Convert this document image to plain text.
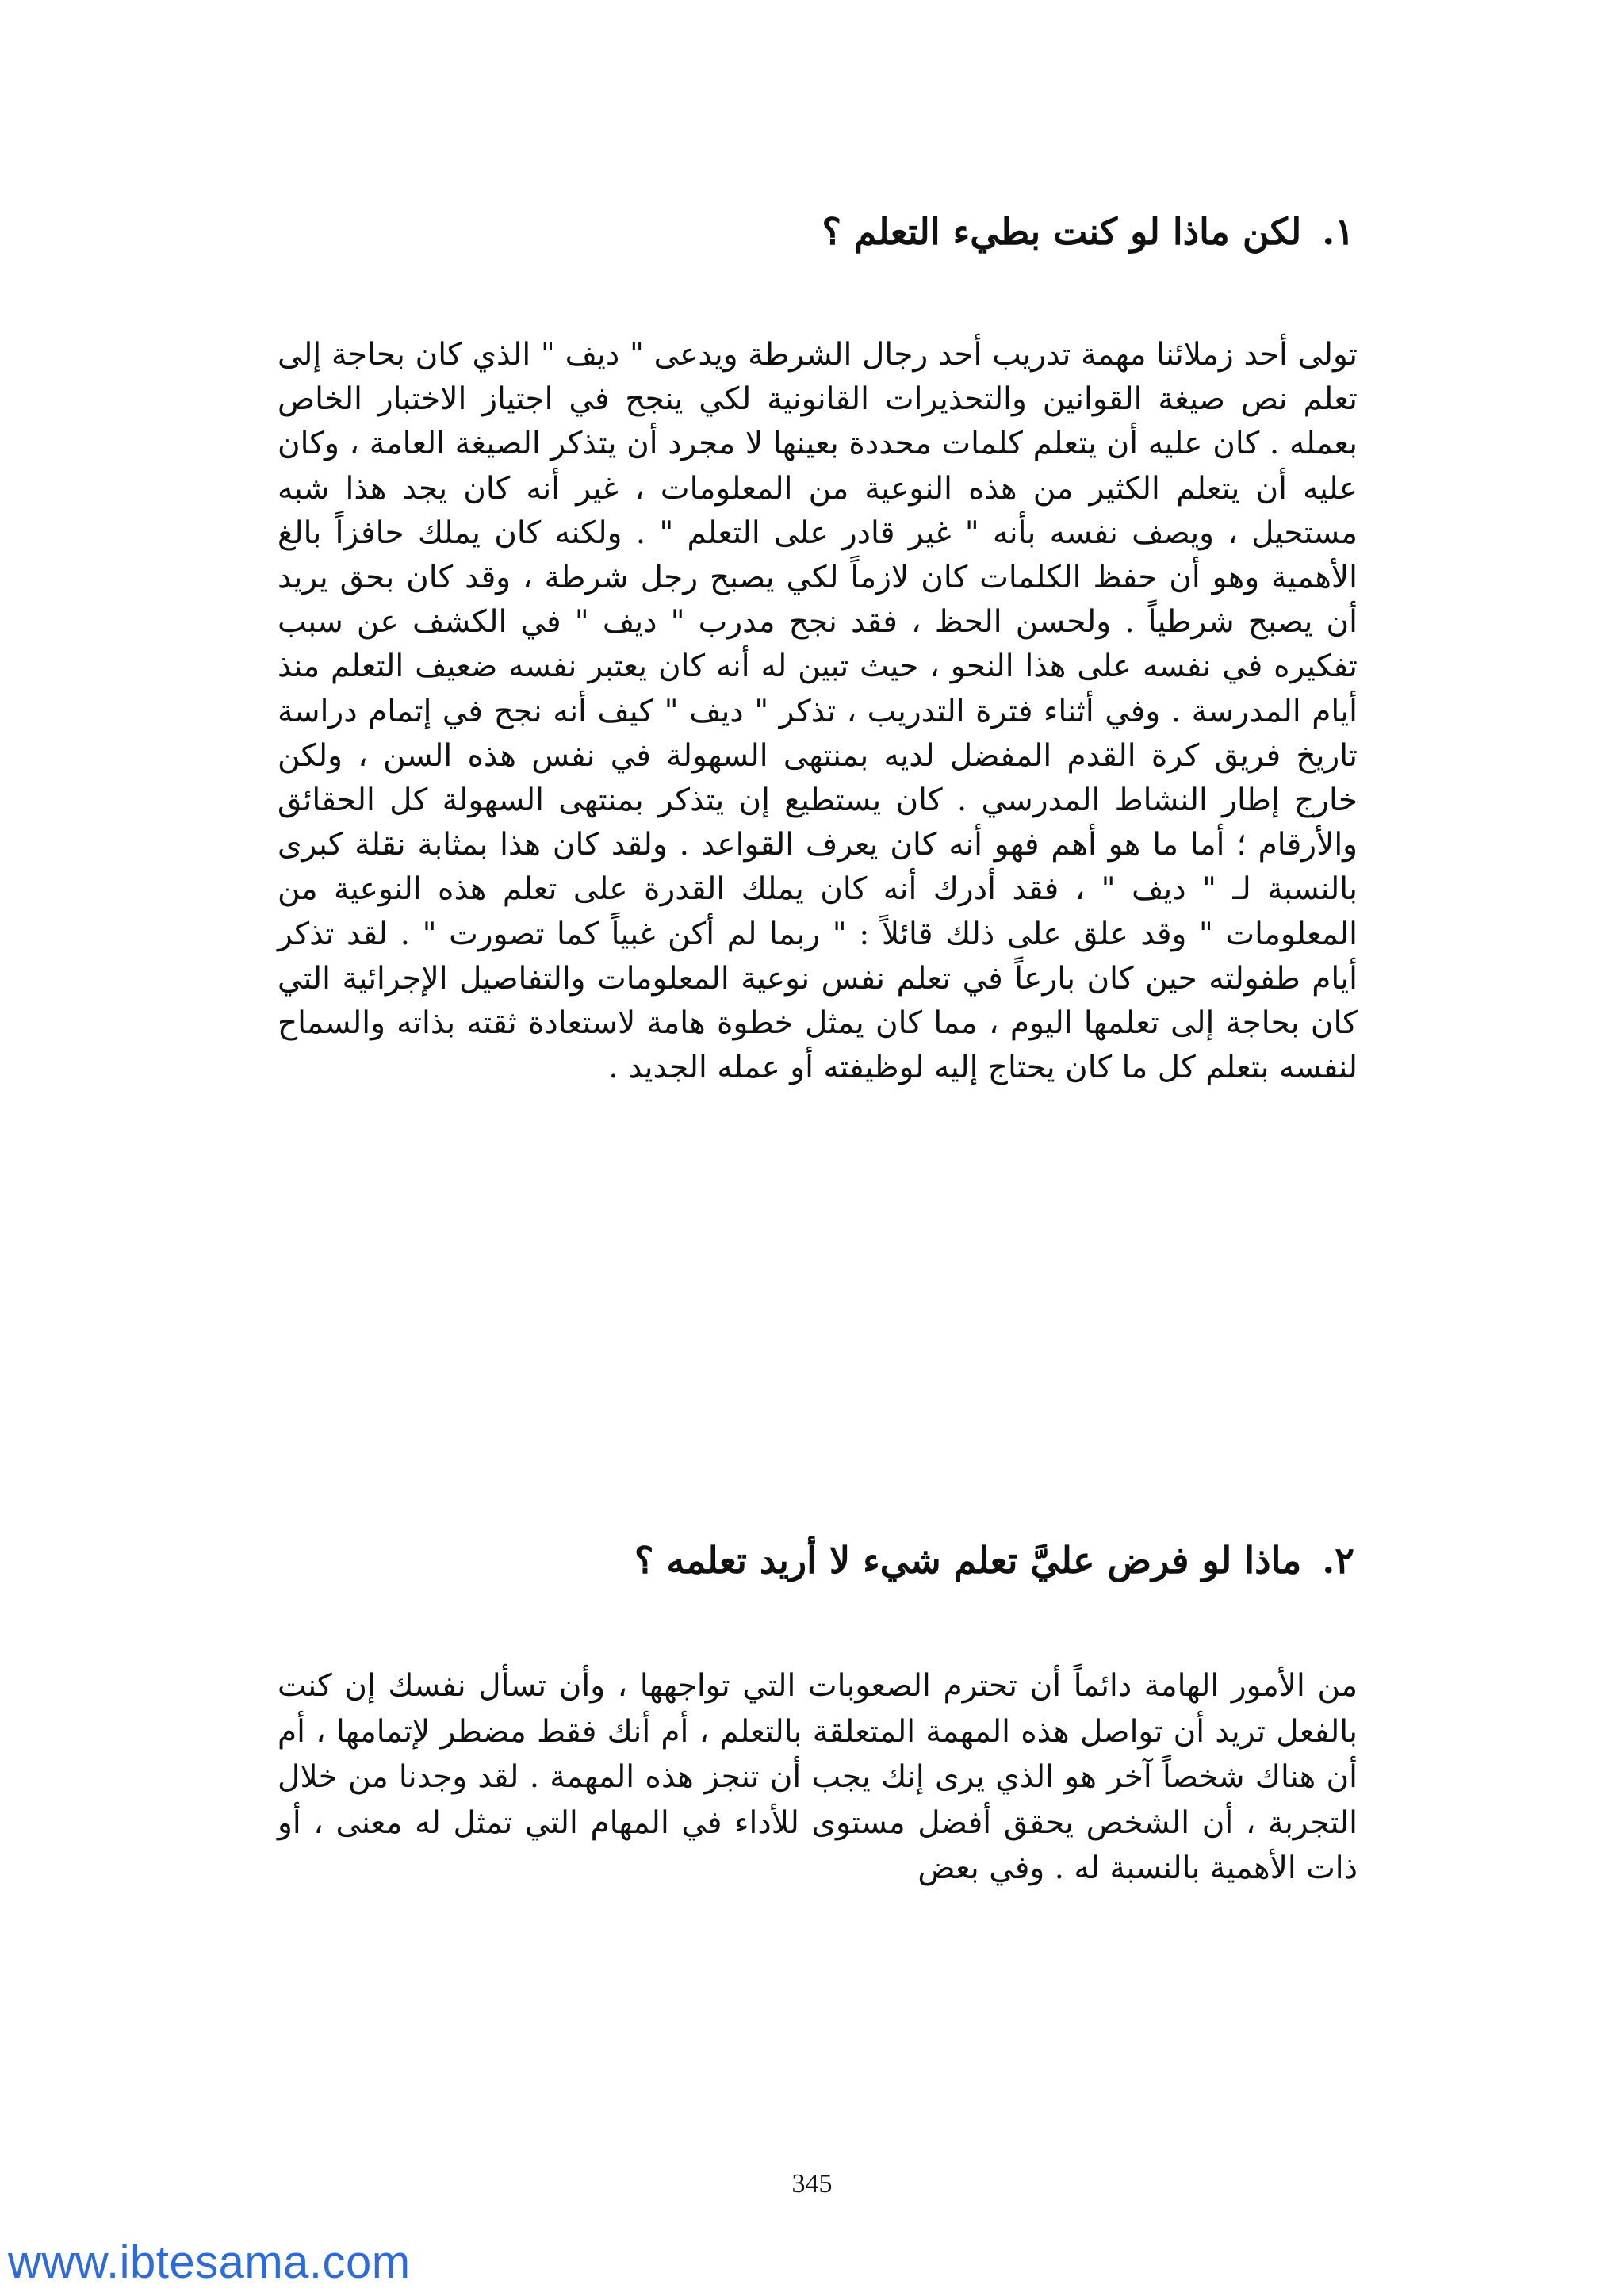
١.لكن ماذا لو كنت بطيء التعلم ؟

تولى أحد زملائنا مهمة تدريب أحد رجال الشرطة ويدعى " ديف " الذي كان بحاجة إلى تعلم نص صيغة القوانين والتحذيرات القانونية لكي ينجح في اجتياز الاختبار الخاص بعمله . كان عليه أن يتعلم كلمات محددة بعينها لا مجرد أن يتذكر الصيغة العامة ، وكان عليه أن يتعلم الكثير من هذه النوعية من المعلومات ، غير أنه كان يجد هذا شبه مستحيل ، ويصف نفسه بأنه " غير قادر على التعلم " . ولكنه كان يملك حافزاً بالغ الأهمية وهو أن حفظ الكلمات كان لازماً لكي يصبح رجل شرطة ، وقد كان بحق يريد أن يصبح شرطياً . ولحسن الحظ ، فقد نجح مدرب " ديف " في الكشف عن سبب تفكيره في نفسه على هذا النحو ، حيث تبين له أنه كان يعتبر نفسه ضعيف التعلم منذ أيام المدرسة . وفي أثناء فترة التدريب ، تذكر " ديف " كيف أنه نجح في إتمام دراسة تاريخ فريق كرة القدم المفضل لديه بمنتهى السهولة في نفس هذه السن ، ولكن خارج إطار النشاط المدرسي . كان يستطيع إن يتذكر بمنتهى السهولة كل الحقائق والأرقام ؛ أما ما هو أهم فهو أنه كان يعرف القواعد . ولقد كان هذا بمثابة نقلة كبرى بالنسبة لـ " ديف " ، فقد أدرك أنه كان يملك القدرة على تعلم هذه النوعية من المعلومات " وقد علق على ذلك قائلاً : " ربما لم أكن غبياً كما تصورت " . لقد تذكر أيام طفولته حين كان بارعاً في تعلم نفس نوعية المعلومات والتفاصيل الإجرائية التي كان بحاجة إلى تعلمها اليوم ، مما كان يمثل خطوة هامة لاستعادة ثقته بذاته والسماح لنفسه بتعلم كل ما كان يحتاج إليه لوظيفته أو عمله الجديد .

٢.ماذا لو فرض عليَّ تعلم شيء لا أريد تعلمه ؟

من الأمور الهامة دائماً أن تحترم الصعوبات التي تواجهها ، وأن تسأل نفسك إن كنت بالفعل تريد أن تواصل هذه المهمة المتعلقة بالتعلم ، أم أنك فقط مضطر لإتمامها ، أم أن هناك شخصاً آخر هو الذي يرى إنك يجب أن تنجز هذه المهمة . لقد وجدنا من خلال التجربة ، أن الشخص يحقق أفضل مستوى للأداء في المهام التي تمثل له معنى ، أو ذات الأهمية بالنسبة له . وفي بعض

345
www.ibtesama.com
